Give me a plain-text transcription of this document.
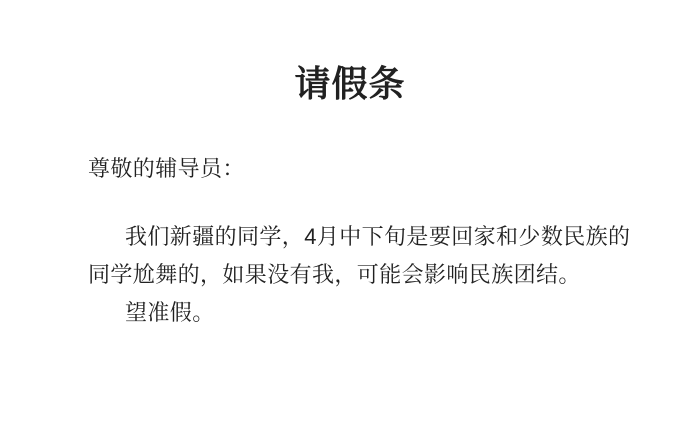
请假条

尊敬的辅导员：

我们新疆的同学，4月中下旬是要回家和少数民族的

同学尬舞的，如果没有我，可能会影响民族团结。

望准假。
